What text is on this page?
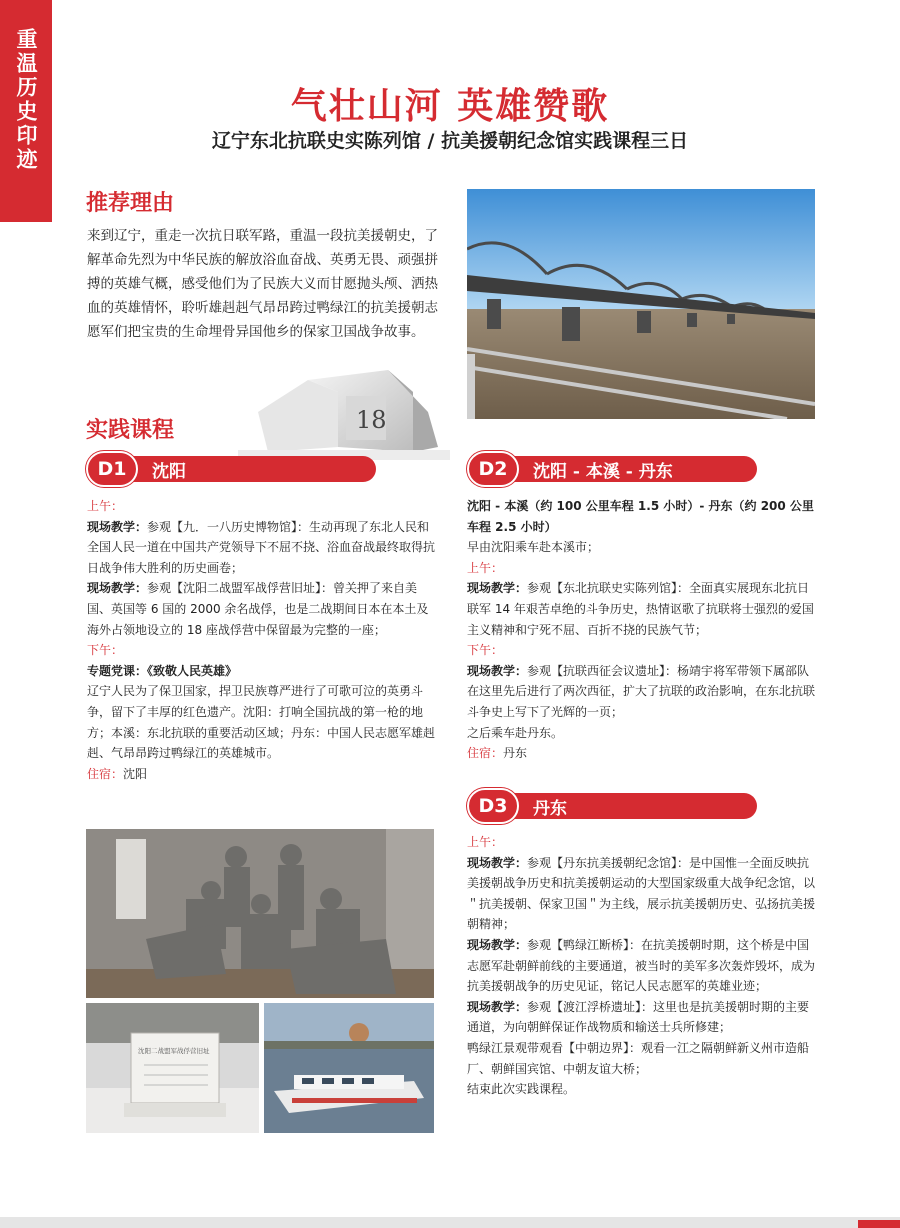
重温历史印迹	气壮山河 英雄赞歌
辽宁东北抗联史实陈列馆 / 抗美援朝纪念馆实践课程三日
推荐理由
来到辽宁，重走一次抗日联军路，重温一段抗美援朝史，了解革命先烈为中华民族的解放浴血奋战、英勇无畏、顽强拼搏的英雄气概，感受他们为了民族大义而甘愿抛头颅、洒热血的英雄情怀，聆听雄赳赳气昂昂跨过鸭绿江的抗美援朝志愿军们把宝贵的生命埋骨异国他乡的保家卫国战争故事。
18
实践课程
D1	沈阳	D2	沈阳 - 本溪 - 丹东
D3	丹东

上午：

现场教学：参观【九．一八历史博物馆】：生动再现了东北人民和全国人民一道在中国共产党领导下不屈不挠、浴血奋战最终取得抗日战争伟大胜利的历史画卷；

现场教学：参观【沈阳二战盟军战俘营旧址】：曾关押了来自美国、英国等 6 国的 2000 余名战俘，也是二战期间日本在本土及海外占领地设立的 18 座战俘营中保留最为完整的一座；

下午：

专题党课：《致敬人民英雄》

辽宁人民为了保卫国家，捍卫民族尊严进行了可歌可泣的英勇斗争，留下了丰厚的红色遗产。沈阳：打响全国抗战的第一枪的地方；本溪：东北抗联的重要活动区域；丹东：中国人民志愿军雄赳赳、气昂昂跨过鸭绿江的英雄城市。

住宿：沈阳

沈阳 - 本溪（约 100 公里车程 1.5 小时）- 丹东（约 200 公里车程 2.5 小时）

早由沈阳乘车赴本溪市；

上午：

现场教学：参观【东北抗联史实陈列馆】：全面真实展现东北抗日联军 14 年艰苦卓绝的斗争历史，热情讴歌了抗联将士强烈的爱国主义精神和宁死不屈、百折不挠的民族气节；

下午：

现场教学：参观【抗联西征会议遗址】：杨靖宇将军带领下属部队在这里先后进行了两次西征，扩大了抗联的政治影响，在东北抗联斗争史上写下了光辉的一页；

之后乘车赴丹东。

住宿：丹东

上午：

现场教学：参观【丹东抗美援朝纪念馆】：是中国惟一全面反映抗美援朝战争历史和抗美援朝运动的大型国家级重大战争纪念馆，以＂抗美援朝、保家卫国＂为主线，展示抗美援朝历史、弘扬抗美援朝精神；

现场教学：参观【鸭绿江断桥】：在抗美援朝时期，这个桥是中国志愿军赴朝鲜前线的主要通道，被当时的美军多次轰炸毁坏，成为抗美援朝战争的历史见证，铭记人民志愿军的英雄业迹；

现场教学：参观【渡江浮桥遗址】：这里也是抗美援朝时期的主要通道，为向朝鲜保证作战物质和输送士兵所修建；

鸭绿江景观带观看【中朝边界】：观看一江之隔朝鲜新义州市造船厂、朝鲜国宾馆、中朝友谊大桥；

结束此次实践课程。

沈阳二战盟军战俘营旧址
